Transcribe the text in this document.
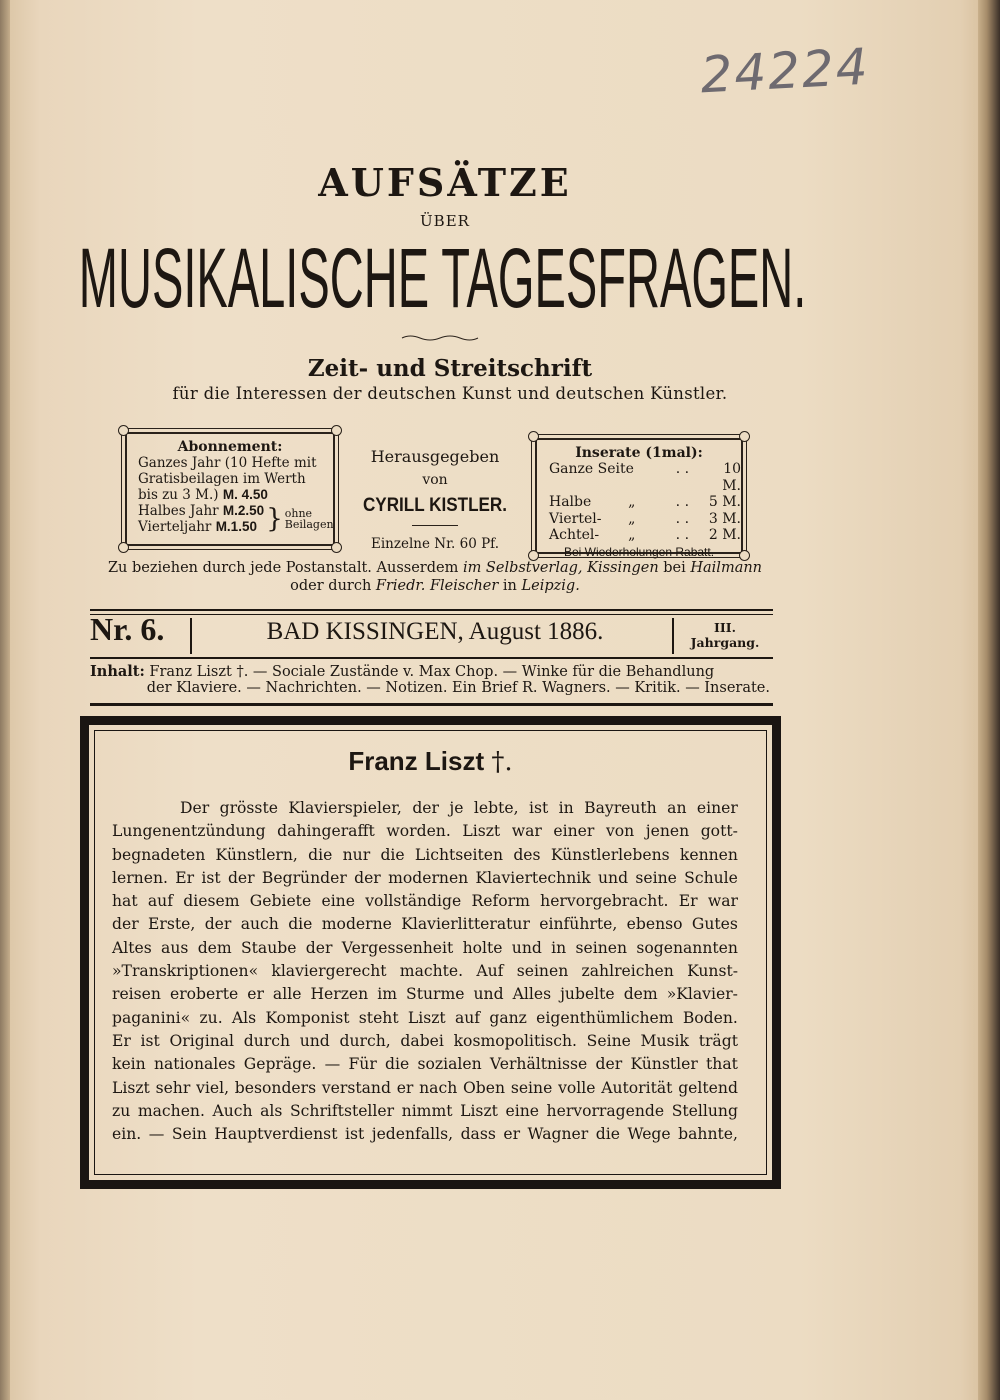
24224
AUFSÄTZE
ÜBER
MUSIKALISCHE TAGESFRAGEN.
Zeit- und Streitschrift
für die Interessen der deutschen Kunst und deutschen Künstler.
Abonnement:
Ganzes Jahr (10 Hefte mit
Gratisbeilagen im Werth
bis zu 3 M.) M. 4.50
Halbes Jahr M.2.50
Vierteljahr M.1.50 } ohne
Beilagen
Herausgegeben
von
CYRILL KISTLER.
Einzelne Nr. 60 Pf.
Inserate (1mal):
Ganze Seite	. .	10 M.
Halbe	„	. .	5 M.
Viertel-	„	. .	3 M.
Achtel-	„	. .	2 M.
Bei Wiederholungen Rabatt.
Zu beziehen durch jede Postanstalt. Ausserdem im Selbstverlag, Kissingen bei Hailmann
oder durch Friedr. Fleischer in Leipzig.
Nr. 6.	BAD KISSINGEN, August 1886.	III.
Jahrgang.
Inhalt: Franz Liszt †. — Sociale Zustände v. Max Chop. — Winke für die Behandlung
der Klaviere. — Nachrichten. — Notizen. Ein Brief R. Wagners. — Kritik. — Inserate.
Franz Liszt †.
Der grösste Klavierspieler, der je lebte, ist in Bayreuth an einer
Lungenentzündung dahingerafft worden. Liszt war einer von jenen gott-
begnadeten Künstlern, die nur die Lichtseiten des Künstlerlebens kennen
lernen. Er ist der Begründer der modernen Klaviertechnik und seine Schule
hat auf diesem Gebiete eine vollständige Reform hervorgebracht. Er war
der Erste, der auch die moderne Klavierlitteratur einführte, ebenso Gutes
Altes aus dem Staube der Vergessenheit holte und in seinen sogenannten
»Transkriptionen« klaviergerecht machte. Auf seinen zahlreichen Kunst-
reisen eroberte er alle Herzen im Sturme und Alles jubelte dem »Klavier-
paganini« zu. Als Komponist steht Liszt auf ganz eigenthümlichem Boden.
Er ist Original durch und durch, dabei kosmopolitisch. Seine Musik trägt
kein nationales Gepräge. — Für die sozialen Verhältnisse der Künstler that
Liszt sehr viel, besonders verstand er nach Oben seine volle Autorität geltend
zu machen. Auch als Schriftsteller nimmt Liszt eine hervorragende Stellung
ein. — Sein Hauptverdienst ist jedenfalls, dass er Wagner die Wege bahnte,
